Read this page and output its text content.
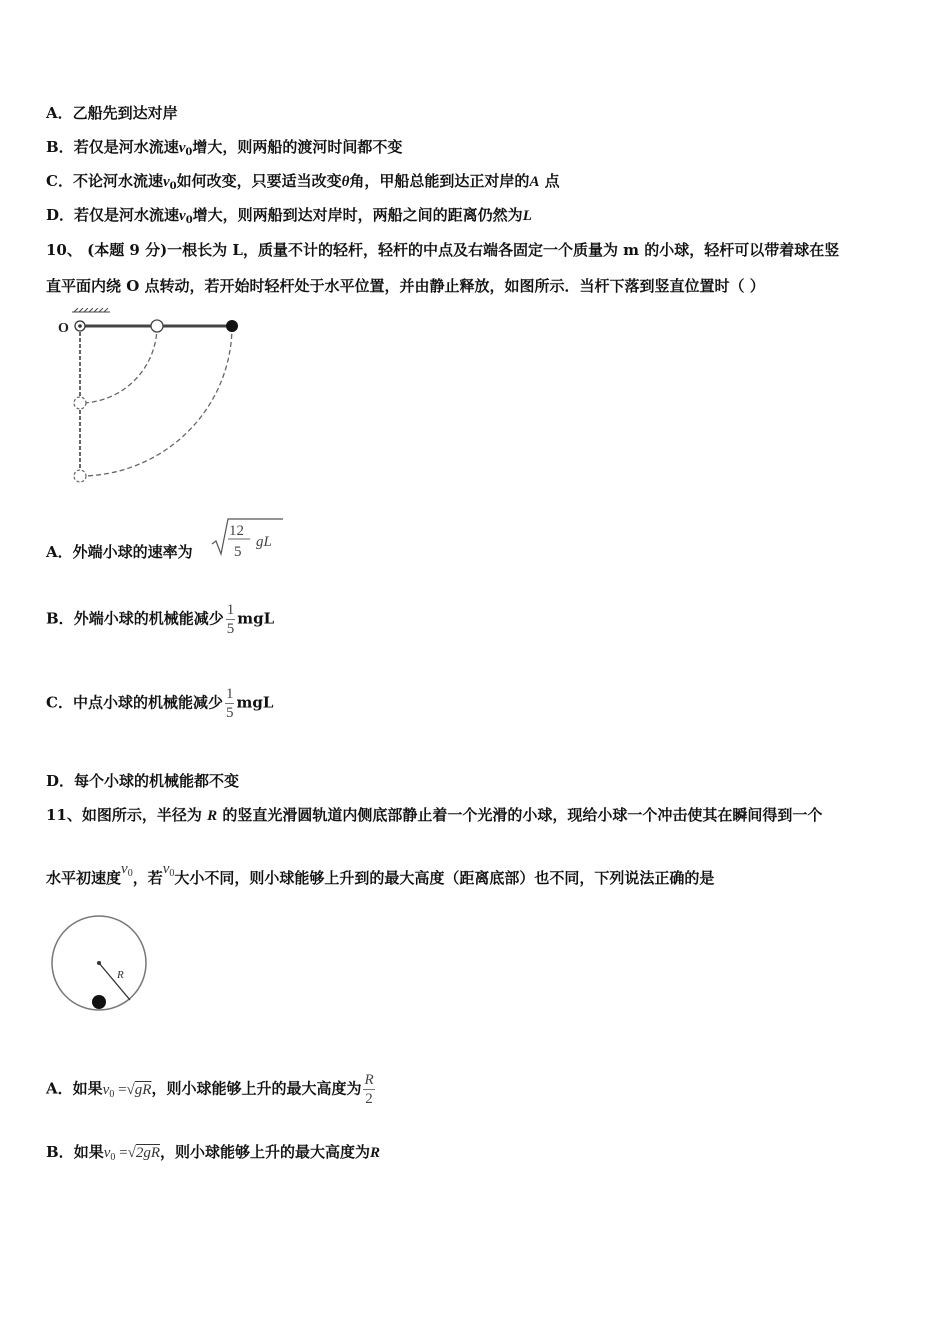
A．乙船先到达对岸
B．若仅是河水流速$v_0$增大，则两船的渡河时间都不变
C．不论河水流速$v_0$如何改变，只要适当改变θ角，甲船总能到达正对岸的A 点
D．若仅是河水流速$v_0$增大，则两船到达对岸时，两船之间的距离仍然为L
10、 (本题 9 分)一根长为 L，质量不计的轻杆，轻杆的中点及右端各固定一个质量为 m 的小球，轻杆可以带着球在竖
直平面内绕 O 点转动，若开始时轻杆处于水平位置，并由静止释放，如图所示．当杆下落到竖直位置时（ ）
O
A．外端小球的速率为
12
5
gL
B．外端小球的机械能减少 $\frac{1}{5}$ mgL
C．中点小球的机械能减少 $\frac{1}{5}$ mgL
D．每个小球的机械能都不变
11、如图所示，半径为 R 的竖直光滑圆轨道内侧底部静止着一个光滑的小球，现给小球一个冲击使其在瞬间得到一个
水平初速度$v_0$，若$v_0$大小不同，则小球能够上升到的最大高度（距离底部）也不同，下列说法正确的是
R
A．如果$v_0 =√gR$，则小球能够上升的最大高度为 $\frac{R}{2}$
B．如果$v_0 =√2gR$，则小球能够上升的最大高度为R
